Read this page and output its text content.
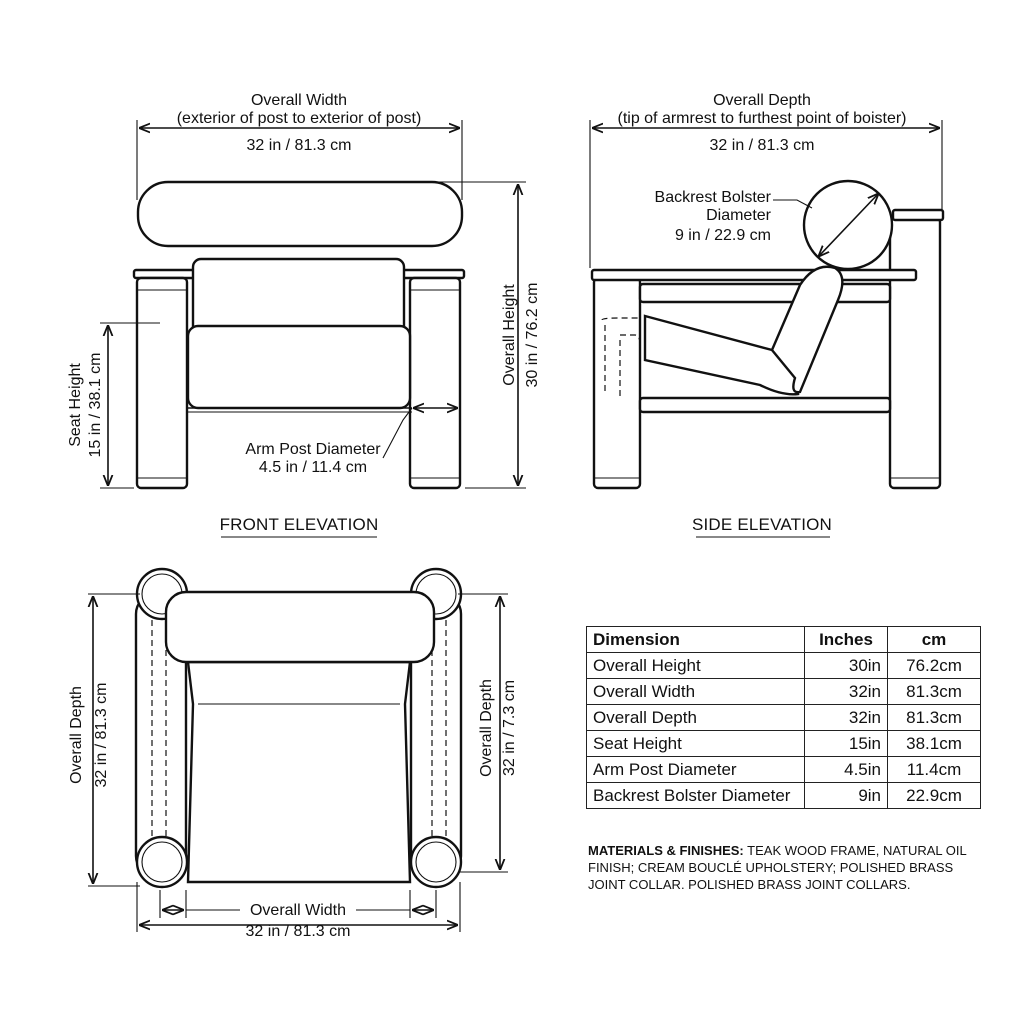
Overall Width
(exterior of post to exterior of post)
32 in / 81.3 cm
Overall Height 30 in / 76.2 cm
Seat Height 15 in / 38.1 cm	Arm Post Diameter
4.5 in / 11.4 cm
FRONT ELEVATION
Overall Depth
(tip of armrest to furthest point of boister)
32 in / 81.3 cm
Backrest Bolster
Diameter
9 in / 22.9 cm
SIDE ELEVATION
Overall Depth 32 in / 81.3 cm	Overall Depth 32 in / 7.3 cm
Overall Width
32 in / 81.3 cm
Dimension	Inches	cm
Overall Height	30in	76.2cm
Overall Width	32in	81.3cm
Overall Depth	32in	81.3cm
Seat Height	15in	38.1cm
Arm Post Diameter	4.5in	11.4cm
Backrest Bolster Diameter	9in	22.9cm
MATERIALS & FINISHES: TEAK WOOD FRAME, NATURAL OIL FINISH; CREAM BOUCLÉ UPHOLSTERY; POLISHED BRASS JOINT COLLAR. POLISHED BRASS JOINT COLLARS.
